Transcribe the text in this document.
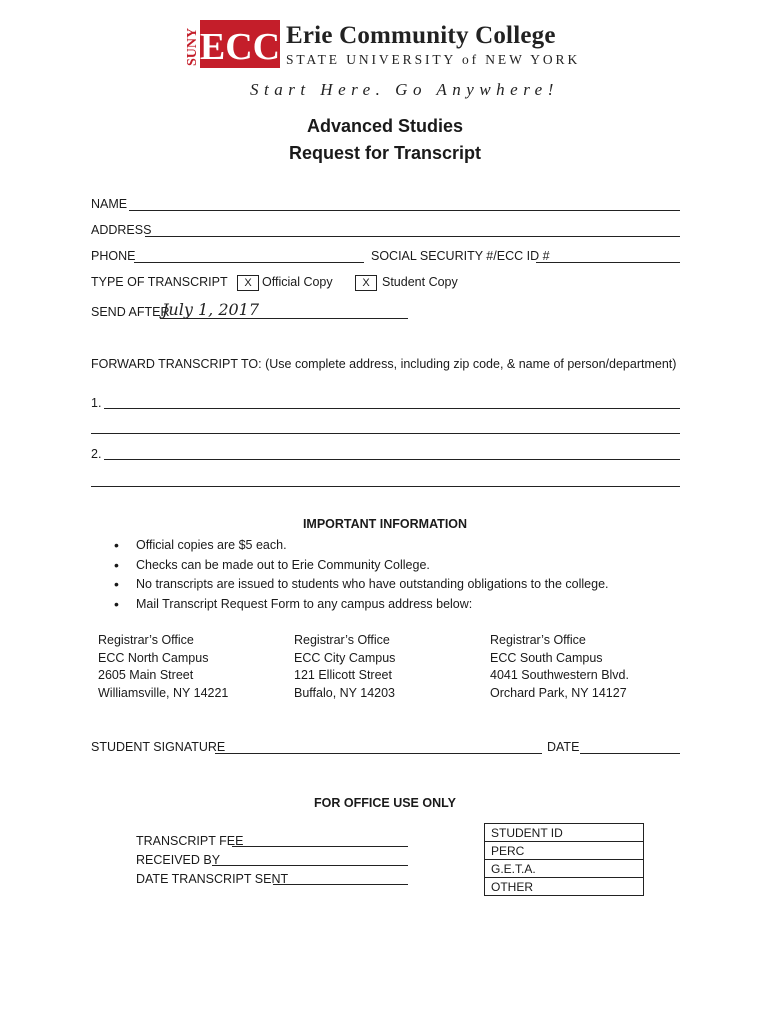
SUNY ECC Erie Community College
STATE UNIVERSITY of NEW YORK
Start Here. Go Anywhere!
Advanced Studies
Request for Transcript
NAME
ADDRESS
PHONE	SOCIAL SECURITY #/ECC ID #
TYPE OF TRANSCRIPT	X Official Copy	X Student Copy
SEND AFTER
July 1, 2017
FORWARD TRANSCRIPT TO: (Use complete address, including zip code, & name of person/department)
1.
2.
IMPORTANT INFORMATION
• Official copies are $5 each.
• Checks can be made out to Erie Community College.
• No transcripts are issued to students who have outstanding obligations to the college.
• Mail Transcript Request Form to any campus address below:
Registrar’s Office
ECC North Campus
2605 Main Street
Williamsville, NY 14221
Registrar’s Office
ECC City Campus
121 Ellicott Street
Buffalo, NY 14203
Registrar’s Office
ECC South Campus
4041 Southwestern Blvd.
Orchard Park, NY 14127
STUDENT SIGNATURE	DATE
FOR OFFICE USE ONLY
TRANSCRIPT FEE
RECEIVED BY
DATE TRANSCRIPT SENT
STUDENT ID
PERC
G.E.T.A.
OTHER
